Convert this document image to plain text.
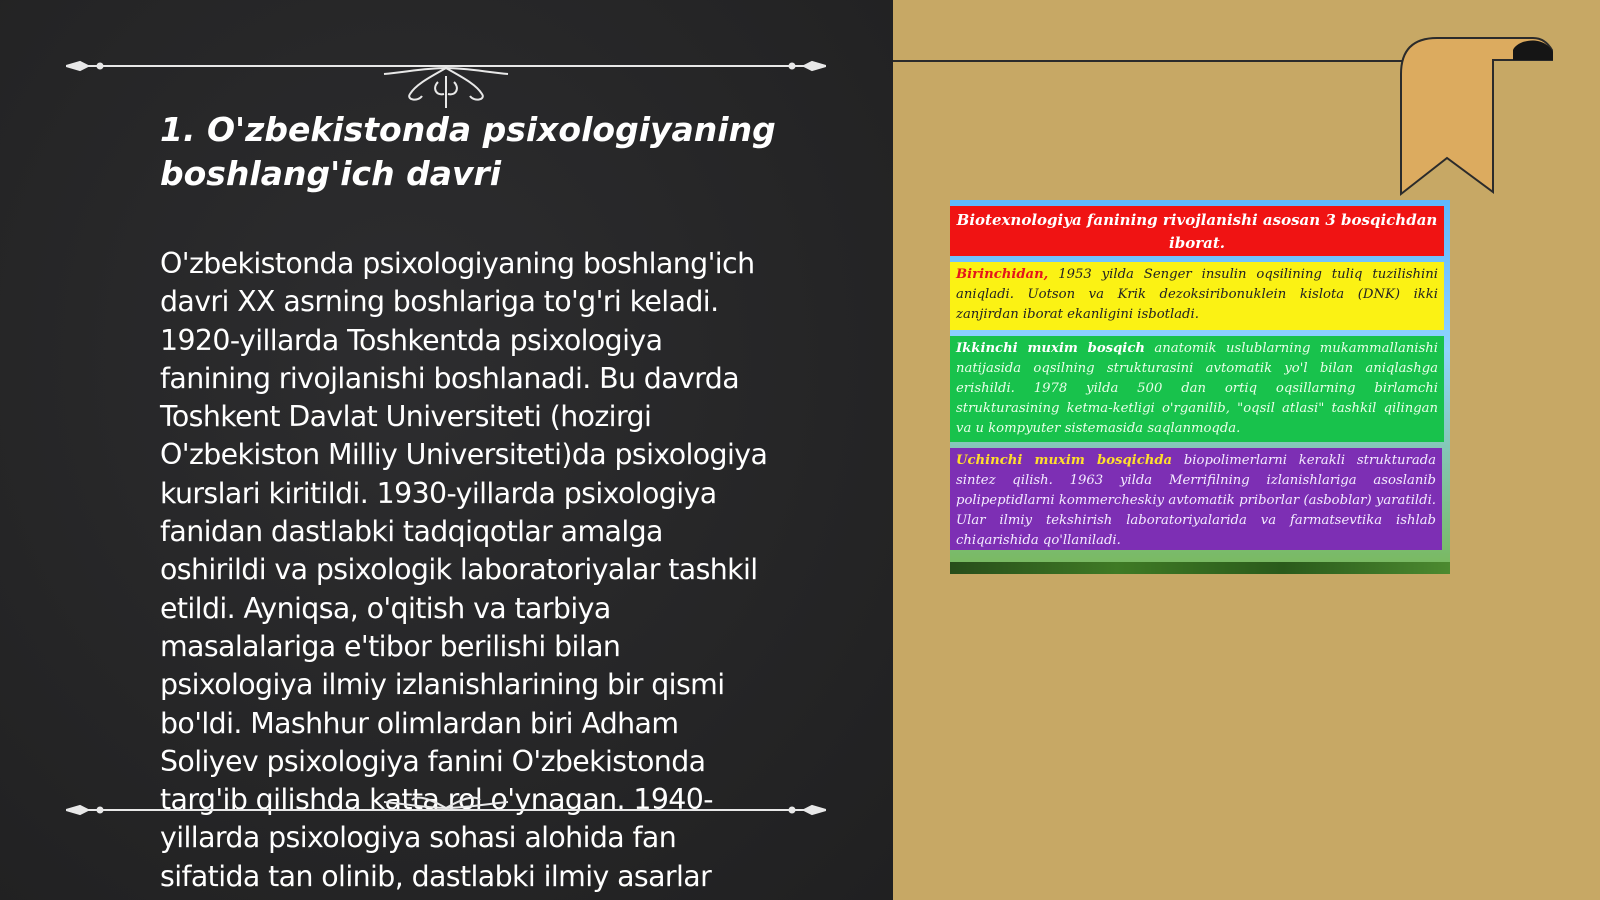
1. O'zbekistonda psixologiyaning boshlang'ich davri

O'zbekistonda psixologiyaning boshlang'ich
davri XX asrning boshlariga to'g'ri keladi.
1920-yillarda Toshkentda psixologiya
fanining rivojlanishi boshlanadi. Bu davrda
Toshkent Davlat Universiteti (hozirgi
O'zbekiston Milliy Universiteti)da psixologiya
kurslari kiritildi. 1930-yillarda psixologiya
fanidan dastlabki tadqiqotlar amalga
oshirildi va psixologik laboratoriyalar tashkil
etildi. Ayniqsa, o'qitish va tarbiya
masalalariga e'tibor berilishi bilan
psixologiya ilmiy izlanishlarining bir qismi
bo'ldi. Mashhur olimlardan biri Adham
Soliyev psixologiya fanini O'zbekistonda
targ'ib qilishda katta rol o'ynagan. 1940-
yillarda psixologiya sohasi alohida fan
sifatida tan olinib, dastlabki ilmiy asarlar

Biotexnologiya fanining rivojlanishi asosan 3 bosqichdan iborat.
Birinchidan, 1953 yilda Senger insulin oqsilining tuliq tuzilishini aniqladi. Uotson va Krik dezoksiribonuklein kislota (DNK) ikki zanjirdan iborat ekanligini isbotladi.
Ikkinchi muxim bosqich anatomik uslublarning mukammallanishi natijasida oqsilning strukturasini avtomatik yo'l bilan aniqlashga erishildi. 1978 yilda 500 dan ortiq oqsillarning birlamchi strukturasining ketma-ketligi o'rganilib, "oqsil atlasi" tashkil qilingan va u kompyuter sistemasida saqlanmoqda.
Uchinchi muxim bosqichda biopolimerlarni kerakli strukturada sintez qilish. 1963 yilda Merrifilning izlanishlariga asoslanib polipeptidlarni kommercheskiy avtomatik priborlar (asboblar) yaratildi. Ular ilmiy tekshirish laboratoriyalarida va farmatsevtika ishlab chiqarishida qo'llaniladi.
